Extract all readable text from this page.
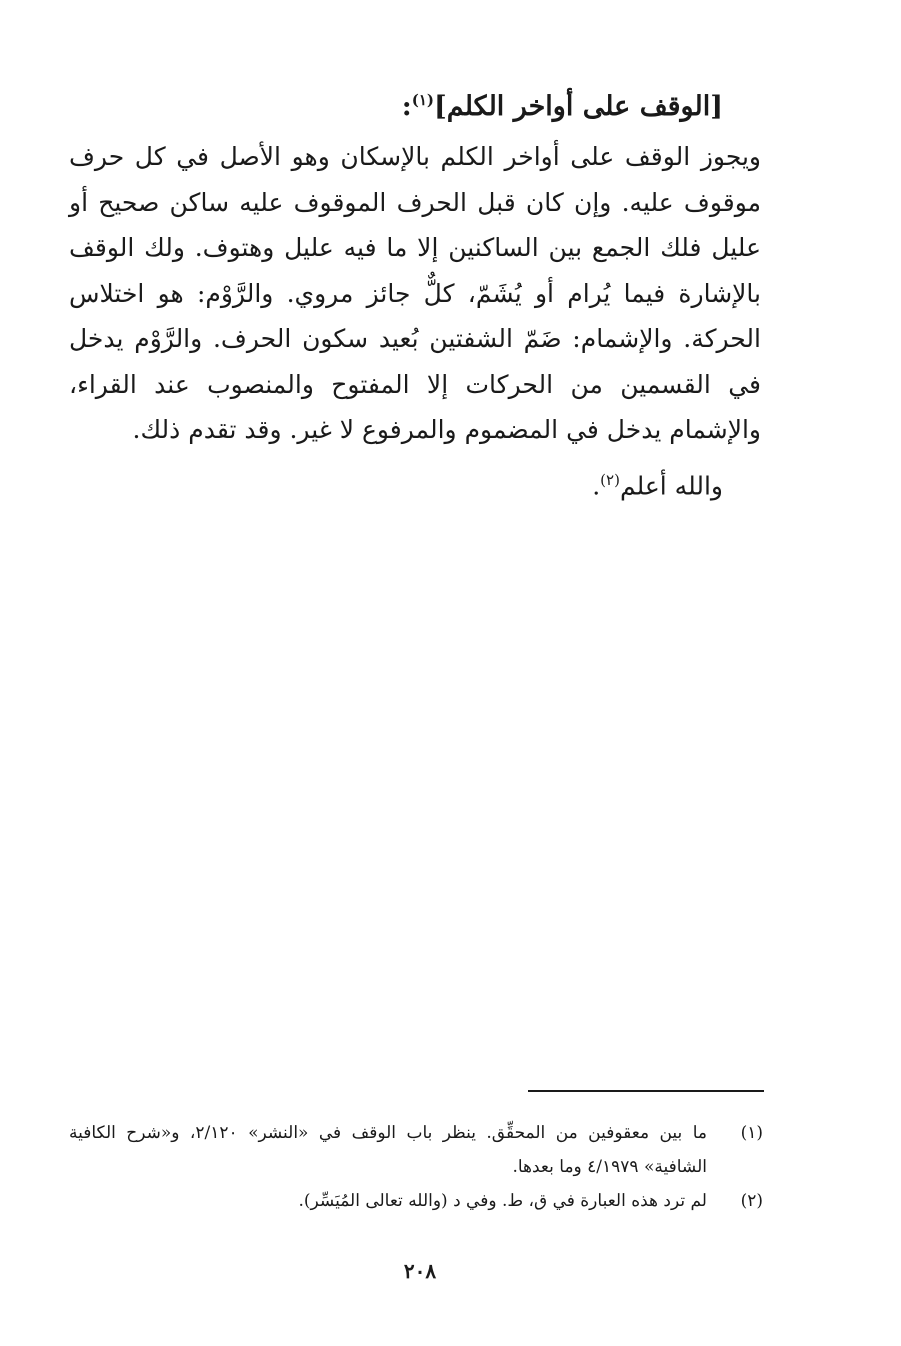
[الوقف على أواخر الكلم]$^{(١)}$:
ويجوز الوقف على أواخر الكلم بالإسكان وهو الأصل في كل حرف موقوف عليه. وإن كان قبل الحرف الموقوف عليه ساكن صحيح أو عليل فلك الجمع بين الساكنين إلا ما فيه عليل وهتوف. ولك الوقف بالإشارة فيما يُرام أو يُشَمّ، كلٌّ جائز مروي. والرَّوْم: هو اختلاس الحركة. والإشمام: ضَمّ الشفتين بُعيد سكون الحرف. والرَّوْم يدخل في القسمين من الحركات إلا المفتوح والمنصوب عند القراء، والإشمام يدخل في المضموم والمرفوع لا غير. وقد تقدم ذلك.
والله أعلم$^{(٢)}$.
(١)
ما بين معقوفين من المحقِّق. ينظر باب الوقف في «النشر» ٢/١٢٠، و«شرح الكافية الشافية» ٤/١٩٧٩ وما بعدها.
(٢)
لم ترد هذه العبارة في ق، ط. وفي د (والله تعالى المُيَسِّر).
٢٠٨
